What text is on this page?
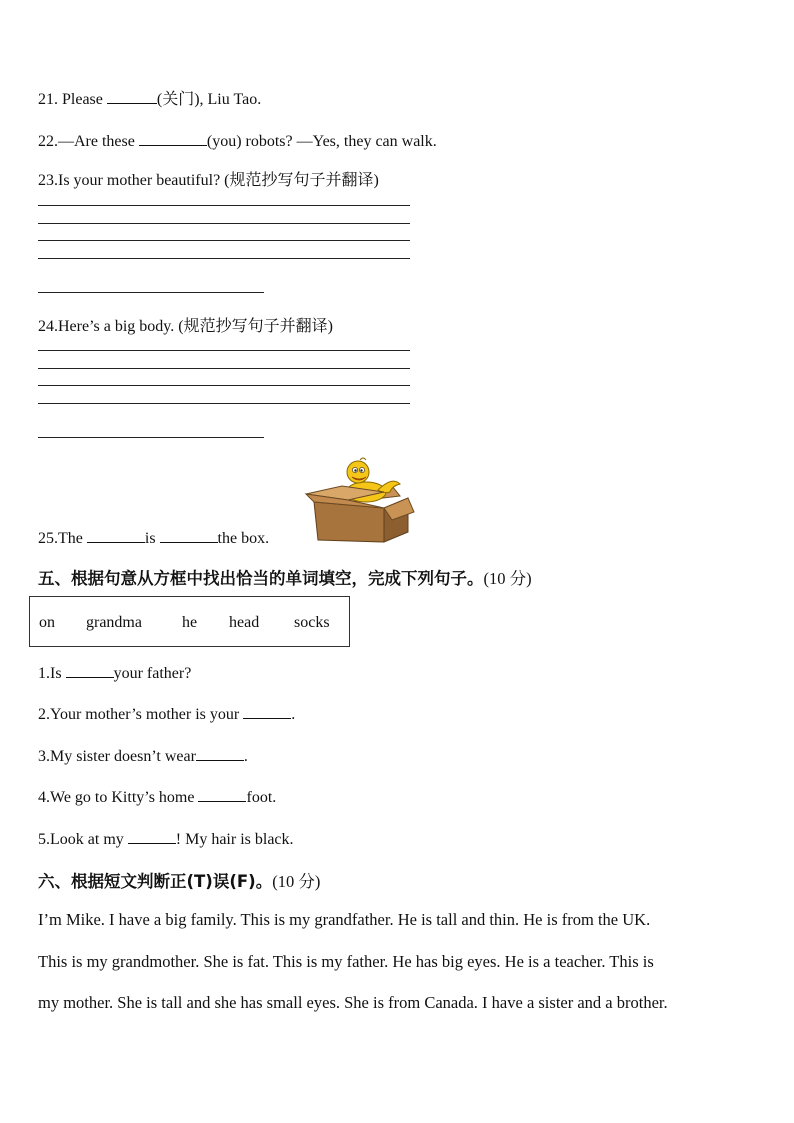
21. Please	(关门), Liu Tao.
22.—Are these	(you) robots? —Yes, they can walk.
23.Is your mother beautiful? (规范抄写句子并翻译)
24.Here’s a big body. (规范抄写句子并翻译)
25.The	is	the box.
五、根据句意从方框中找出恰当的单词填空，完成下列句子。(10 分)
on grandma	he head socks
1.Is	your father?
2.Your mother’s mother is your	.
3.My sister doesn’t wear	.
4.We go to Kitty’s home	foot.
5.Look at my	! My hair is black.
六、根据短文判断正(T)误(F)。(10 分)
I’m Mike. I have a big family. This is my grandfather. He is tall and thin. He is from the UK.
This is my grandmother. She is fat. This is my father. He has big eyes. He is a teacher. This is
my mother. She is tall and she has small eyes. She is from Canada. I have a sister and a brother.
